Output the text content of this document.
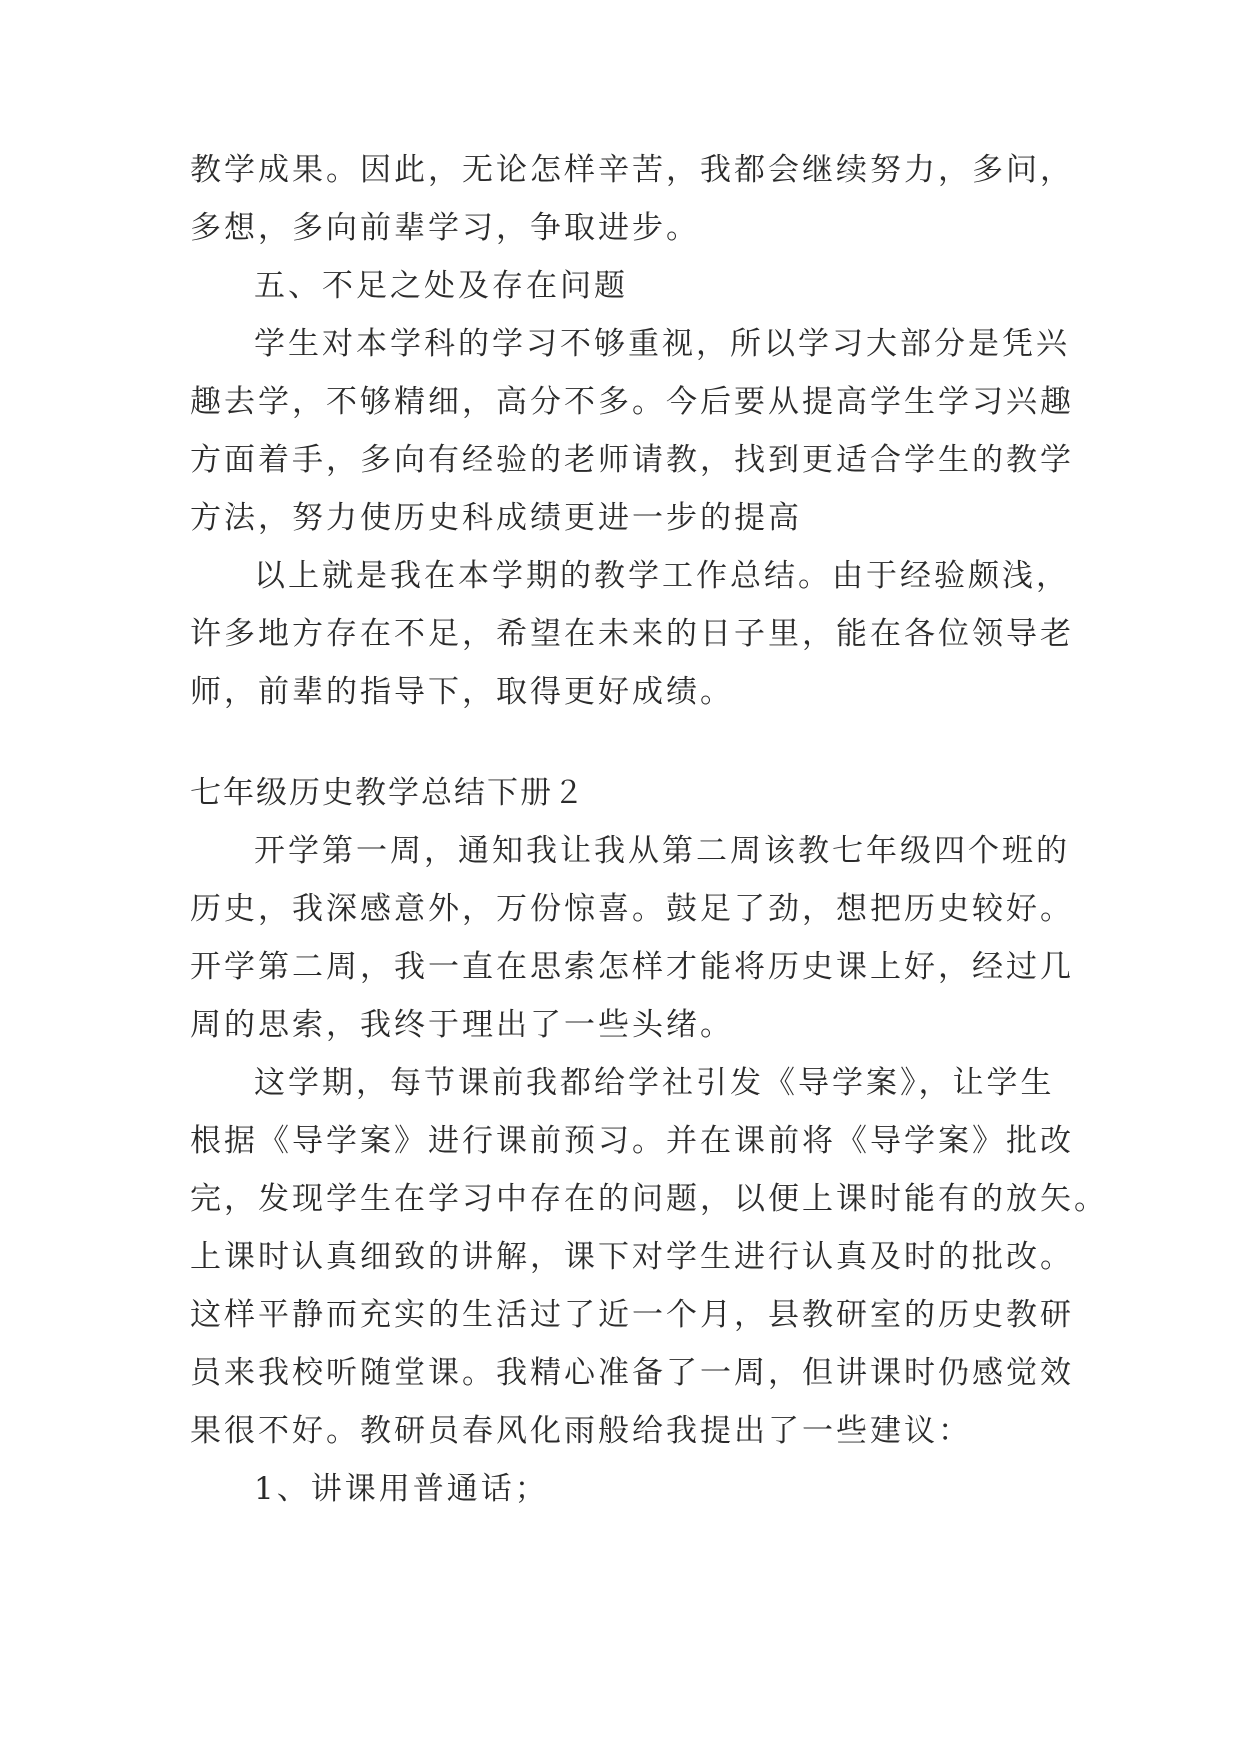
教学成果。因此，无论怎样辛苦，我都会继续努力，多问，
多想，多向前辈学习，争取进步。
五、不足之处及存在问题
学生对本学科的学习不够重视，所以学习大部分是凭兴
趣去学，不够精细，高分不多。今后要从提高学生学习兴趣
方面着手，多向有经验的老师请教，找到更适合学生的教学
方法，努力使历史科成绩更进一步的提高
以上就是我在本学期的教学工作总结。由于经验颇浅，
许多地方存在不足，希望在未来的日子里，能在各位领导老
师，前辈的指导下，取得更好成绩。
七年级历史教学总结下册２
开学第一周，通知我让我从第二周该教七年级四个班的
历史，我深感意外，万份惊喜。鼓足了劲，想把历史较好。
开学第二周，我一直在思索怎样才能将历史课上好，经过几
周的思索，我终于理出了一些头绪。
这学期，每节课前我都给学社引发《导学案》，让学生
根据《导学案》进行课前预习。并在课前将《导学案》批改
完，发现学生在学习中存在的问题，以便上课时能有的放矢。
上课时认真细致的讲解，课下对学生进行认真及时的批改。
这样平静而充实的生活过了近一个月，县教研室的历史教研
员来我校听随堂课。我精心准备了一周，但讲课时仍感觉效
果很不好。教研员春风化雨般给我提出了一些建议：
1、讲课用普通话；
